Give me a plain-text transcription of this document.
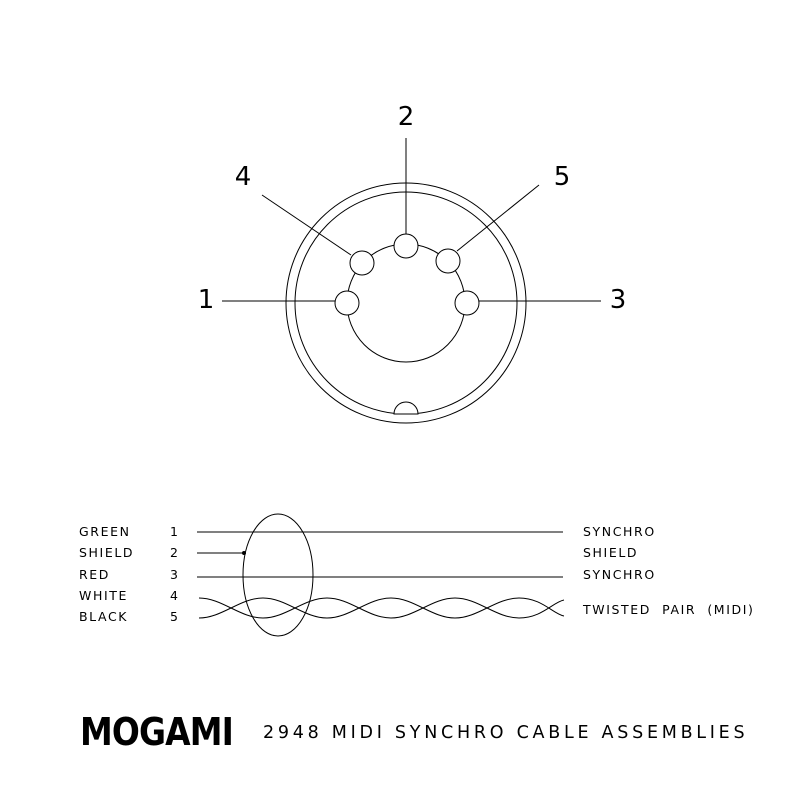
2
4	5
1	3
GREEN
SHIELD
RED
WHITE
BLACK
1
2
3
4
5
SYNCHRO
SHIELD
SYNCHRO
TWISTED  PAIR  (MIDI)
MOGAMI 2948 MIDI SYNCHRO CABLE ASSEMBLIES
